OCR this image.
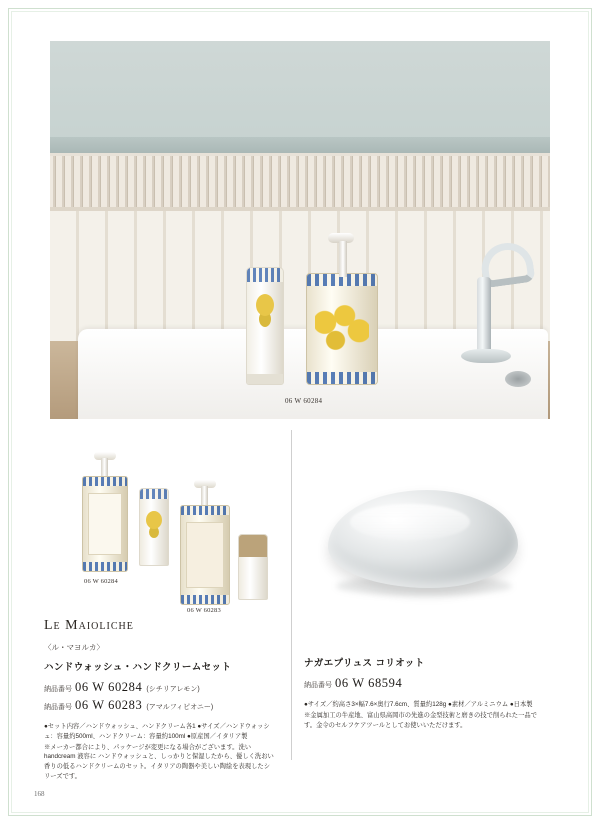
06 W 60284
06 W 60284
06 W 60283
Le Maioliche
〈ル・マヨルカ〉
ハンドウォッシュ・ハンドクリームセット
納品番号 06 W 60284 (シチリアレモン)
納品番号 06 W 60283 (アマルフィピオニー)

●セット内容／ハンドウォッシュ、ハンドクリーム各1 ●サイズ／ハンドウォッシュ：容量約500ml、ハンドクリーム：容量約100ml ●原産国／イタリア製

※メーカー都合により、パッケージが変更になる場合がございます。洗い handcream 液容に ハンドウォッシュと、しっかりと保湿したから、優しく洗おい香りの低るハンドクリームのセット。イタリアの陶器や美しい陶絵を表現したシリーズです。

ナガエプリュス コリオット
納品番号 06 W 68594

●サイズ／約高さ3×幅7.6×奥行7.6cm、質量約128g ●素材／アルミニウム ●日本製

※金属加工の牛産地、富山県高岡市の先進の金型技術と磨きの技で削られた一品です。金令のセルフケアツールとしてお使いいただけます。

168
